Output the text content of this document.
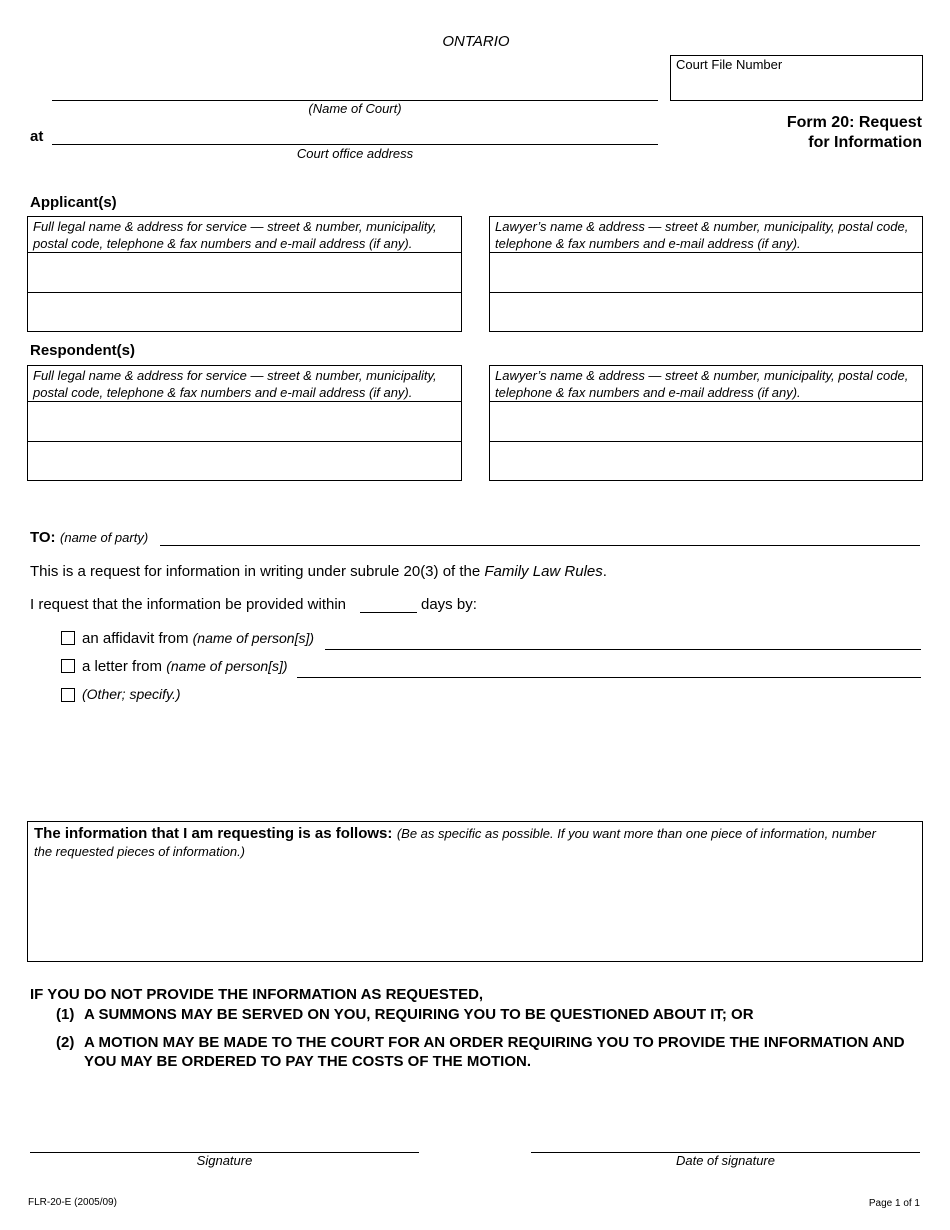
ONTARIO
Court File Number
(Name of Court)
at
Court office address
Form 20: Request
for Information
Applicant(s)
Full legal name & address for service — street & number, municipality, postal code, telephone & fax numbers and e-mail address (if any).
Lawyer’s name & address — street & number, municipality, postal code, telephone & fax numbers and e-mail address (if any).
Respondent(s)
Full legal name & address for service — street & number, municipality, postal code, telephone & fax numbers and e-mail address (if any).
Lawyer’s name & address — street & number, municipality, postal code, telephone & fax numbers and e-mail address (if any).
TO: (name of party)
This is a request for information in writing under subrule 20(3) of the Family Law Rules.
I request that the information be provided within	days by:
an affidavit from (name of person[s])
a letter from (name of person[s])
(Other; specify.)
The information that I am requesting is as follows: (Be as specific as possible. If you want more than one piece of information, number the requested pieces of information.)
IF YOU DO NOT PROVIDE THE INFORMATION AS REQUESTED,
(1) A SUMMONS MAY BE SERVED ON YOU, REQUIRING YOU TO BE QUESTIONED ABOUT IT; OR
(2) A MOTION MAY BE MADE TO THE COURT FOR AN ORDER REQUIRING YOU TO PROVIDE THE INFORMATION AND YOU MAY BE ORDERED TO PAY THE COSTS OF THE MOTION.
Signature	Date of signature
FLR-20-E (2005/09)	Page 1 of 1
